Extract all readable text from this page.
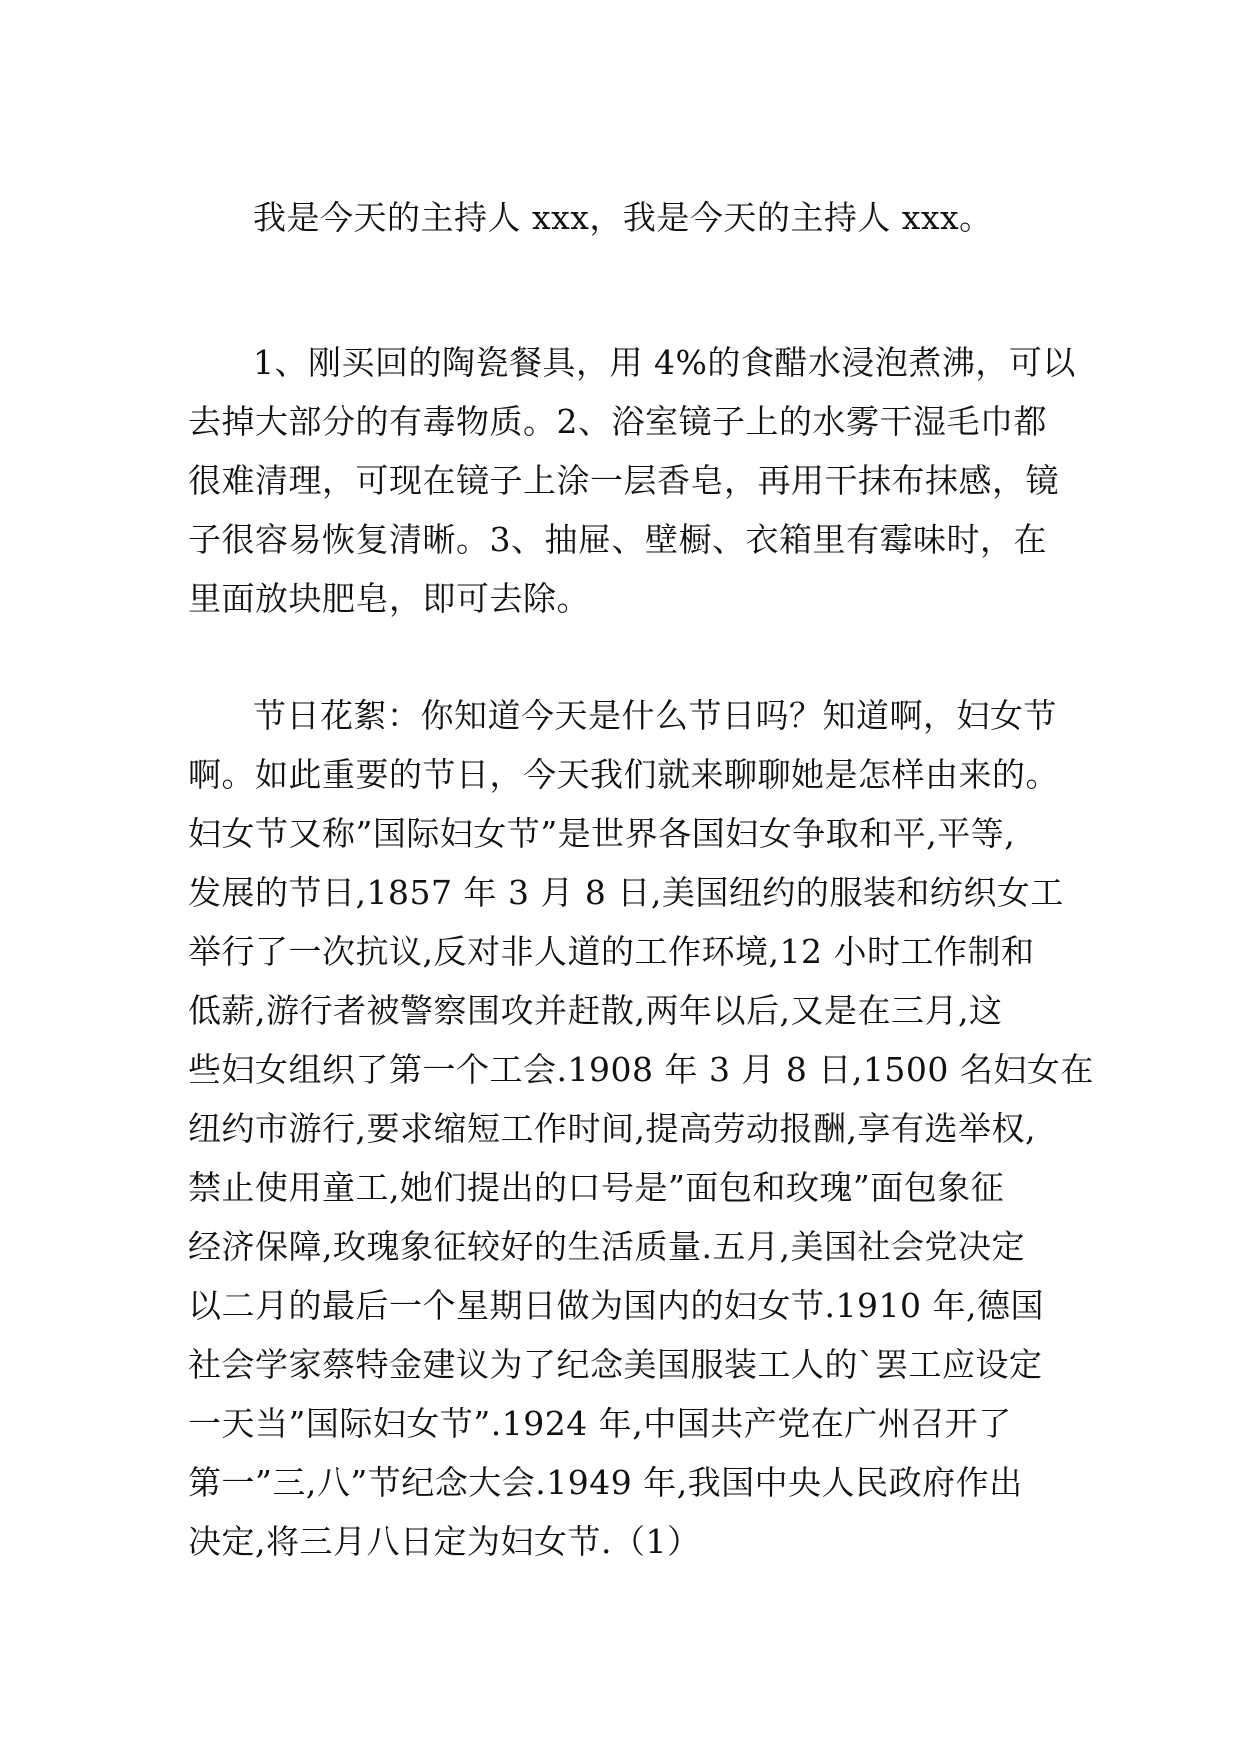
我是今天的主持人 xxx，我是今天的主持人 xxx。
1、刚买回的陶瓷餐具，用 4%的食醋水浸泡煮沸，可以
去掉大部分的有毒物质。2、浴室镜子上的水雾干湿毛巾都
很难清理，可现在镜子上涂一层香皂，再用干抹布抹感，镜
子很容易恢复清晰。3、抽屉、壁橱、衣箱里有霉味时，在
里面放块肥皂，即可去除。
节日花絮：你知道今天是什么节日吗？知道啊，妇女节
啊。如此重要的节日，今天我们就来聊聊她是怎样由来的。
妇女节又称”国际妇女节”是世界各国妇女争取和平,平等,
发展的节日,1857 年 3 月 8 日,美国纽约的服装和纺织女工
举行了一次抗议,反对非人道的工作环境,12 小时工作制和
低薪,游行者被警察围攻并赶散,两年以后,又是在三月,这
些妇女组织了第一个工会.1908 年 3 月 8 日,1500 名妇女在
纽约市游行,要求缩短工作时间,提高劳动报酬,享有选举权,
禁止使用童工,她们提出的口号是”面包和玫瑰”面包象征
经济保障,玫瑰象征较好的生活质量.五月,美国社会党决定
以二月的最后一个星期日做为国内的妇女节.1910 年,德国
社会学家蔡特金建议为了纪念美国服装工人的`罢工应设定
一天当”国际妇女节”.1924 年,中国共产党在广州召开了
第一”三,八”节纪念大会.1949 年,我国中央人民政府作出
决定,将三月八日定为妇女节.（1）
